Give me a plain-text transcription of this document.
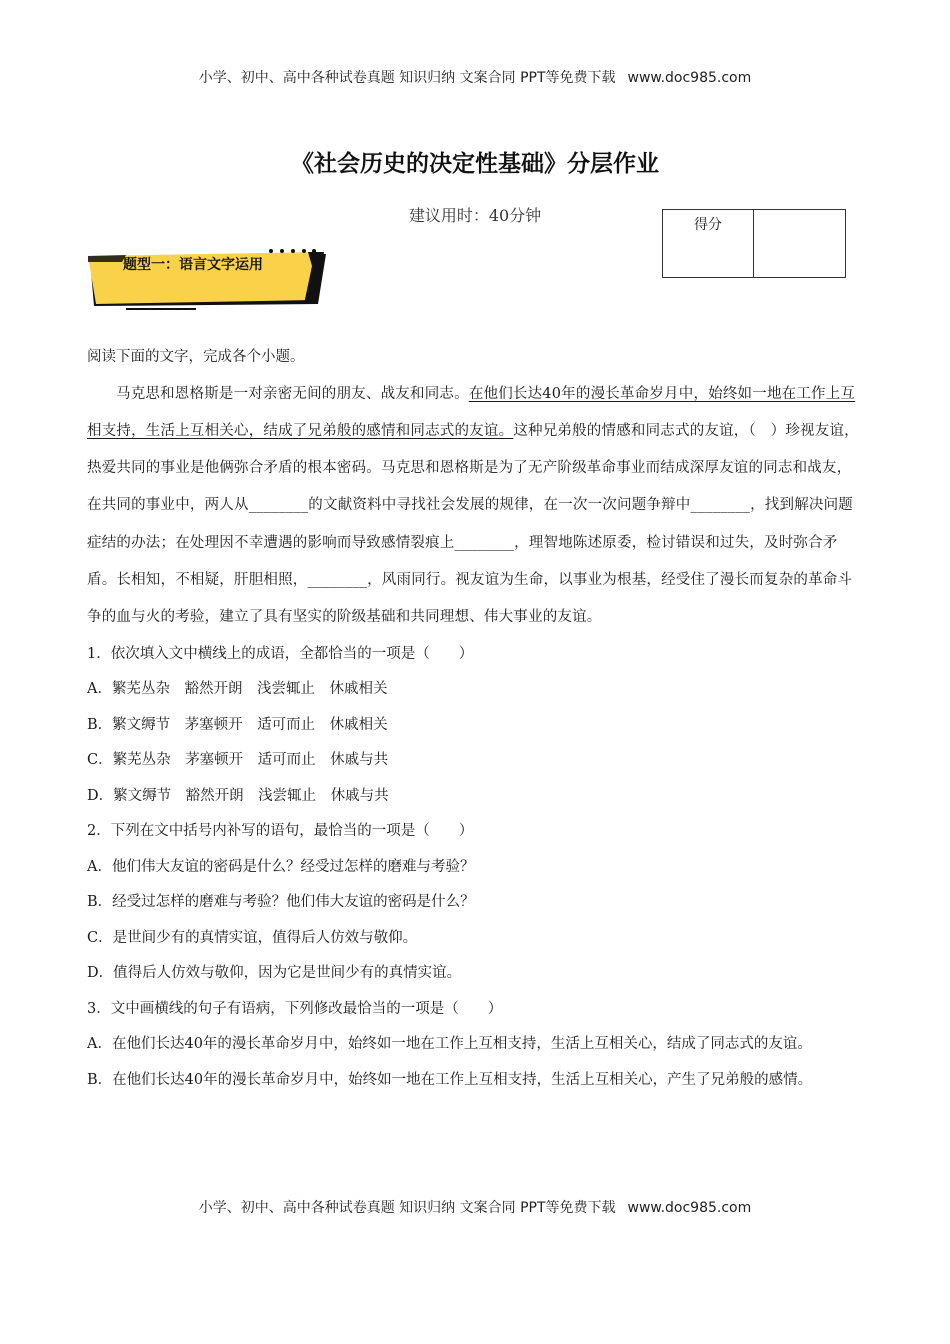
小学、初中、高中各种试卷真题 知识归纳 文案合同 PPT等免费下载 www.doc985.com
《社会历史的决定性基础》分层作业
建议用时：40分钟	得分
题型一：语言文字运用

阅读下面的文字，完成各个小题。

马克思和恩格斯是一对亲密无间的朋友、战友和同志。在他们长达40年的漫长革命岁月中，始终如一地在工作上互相支持，生活上互相关心，结成了兄弟般的感情和同志式的友谊。这种兄弟般的情感和同志式的友谊，（　）珍视友谊，热爱共同的事业是他俩弥合矛盾的根本密码。马克思和恩格斯是为了无产阶级革命事业而结成深厚友谊的同志和战友，在共同的事业中，两人从________的文献资料中寻找社会发展的规律，在一次一次问题争辩中________，找到解决问题症结的办法；在处理因不幸遭遇的影响而导致感情裂痕上________，理智地陈述原委，检讨错误和过失，及时弥合矛盾。长相知，不相疑，肝胆相照，________，风雨同行。视友谊为生命，以事业为根基，经受住了漫长而复杂的革命斗争的血与火的考验，建立了具有坚实的阶级基础和共同理想、伟大事业的友谊。

1．依次填入文中横线上的成语，全都恰当的一项是（　　）

A．繁芜丛杂　豁然开朗　浅尝辄止　休戚相关

B．繁文缛节　茅塞顿开　适可而止　休戚相关

C．繁芜丛杂　茅塞顿开　适可而止　休戚与共

D．繁文缛节　豁然开朗　浅尝辄止　休戚与共

2．下列在文中括号内补写的语句，最恰当的一项是（　　）

A．他们伟大友谊的密码是什么？经受过怎样的磨难与考验？

B．经受过怎样的磨难与考验？他们伟大友谊的密码是什么？

C．是世间少有的真情实谊，值得后人仿效与敬仰。

D．值得后人仿效与敬仰，因为它是世间少有的真情实谊。

3．文中画横线的句子有语病，下列修改最恰当的一项是（　　）

A．在他们长达40年的漫长革命岁月中，始终如一地在工作上互相支持，生活上互相关心，结成了同志式的友谊。

B．在他们长达40年的漫长革命岁月中，始终如一地在工作上互相支持，生活上互相关心，产生了兄弟般的感情。

小学、初中、高中各种试卷真题 知识归纳 文案合同 PPT等免费下载 www.doc985.com
